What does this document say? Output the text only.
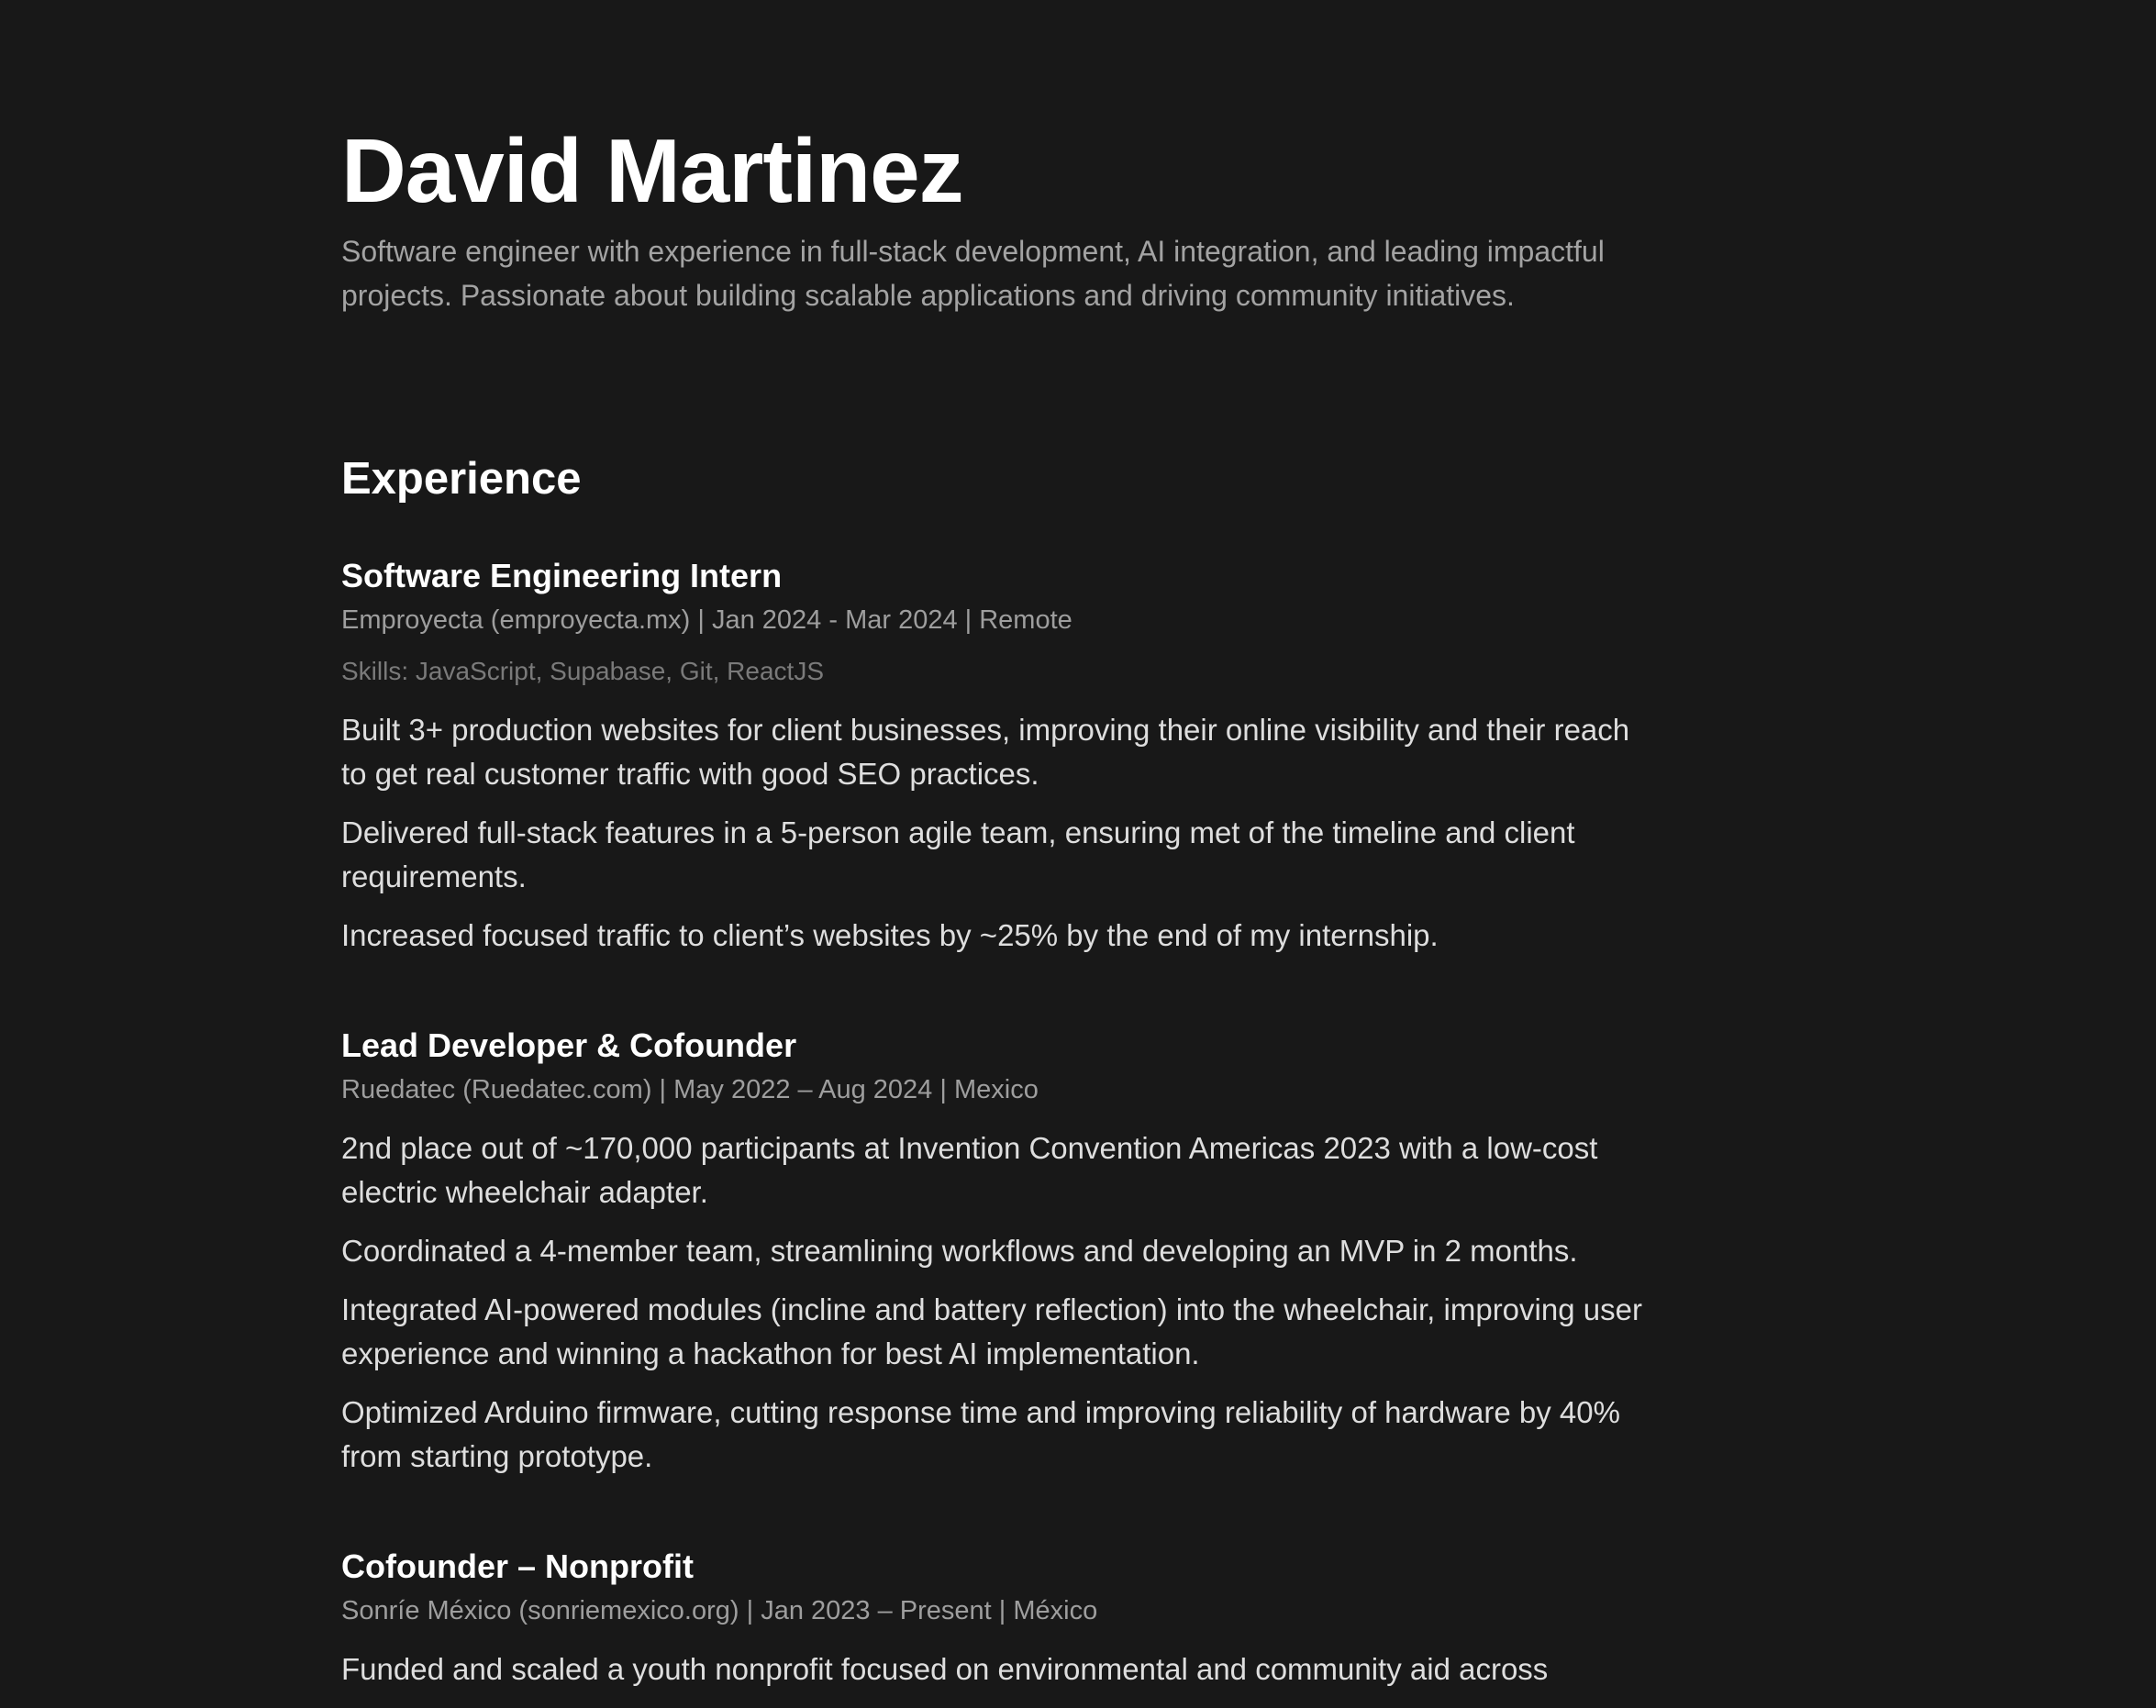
David Martinez

Software engineer with experience in full-stack development, AI integration, and leading impactful projects. Passionate about building scalable applications and driving community initiatives.

Experience
Software Engineering Intern

Emproyecta (emproyecta.mx) | Jan 2024 - Mar 2024 | Remote

Skills: JavaScript, Supabase, Git, ReactJS

Built 3+ production websites for client businesses, improving their online visibility and their reach to get real customer traffic with good SEO practices.
Delivered full-stack features in a 5-person agile team, ensuring met of the timeline and client requirements.
Increased focused traffic to client’s websites by ~25% by the end of my internship.
Lead Developer & Cofounder

Ruedatec (Ruedatec.com) | May 2022 – Aug 2024 | Mexico

2nd place out of ~170,000 participants at Invention Convention Americas 2023 with a low-cost electric wheelchair adapter.
Coordinated a 4-member team, streamlining workflows and developing an MVP in 2 months.
Integrated AI-powered modules (incline and battery reflection) into the wheelchair, improving user experience and winning a hackathon for best AI implementation.
Optimized Arduino firmware, cutting response time and improving reliability of hardware by 40% from starting prototype.
Cofounder – Nonprofit

Sonríe México (sonriemexico.org) | Jan 2023 – Present | México

Funded and scaled a youth nonprofit focused on environmental and community aid across
